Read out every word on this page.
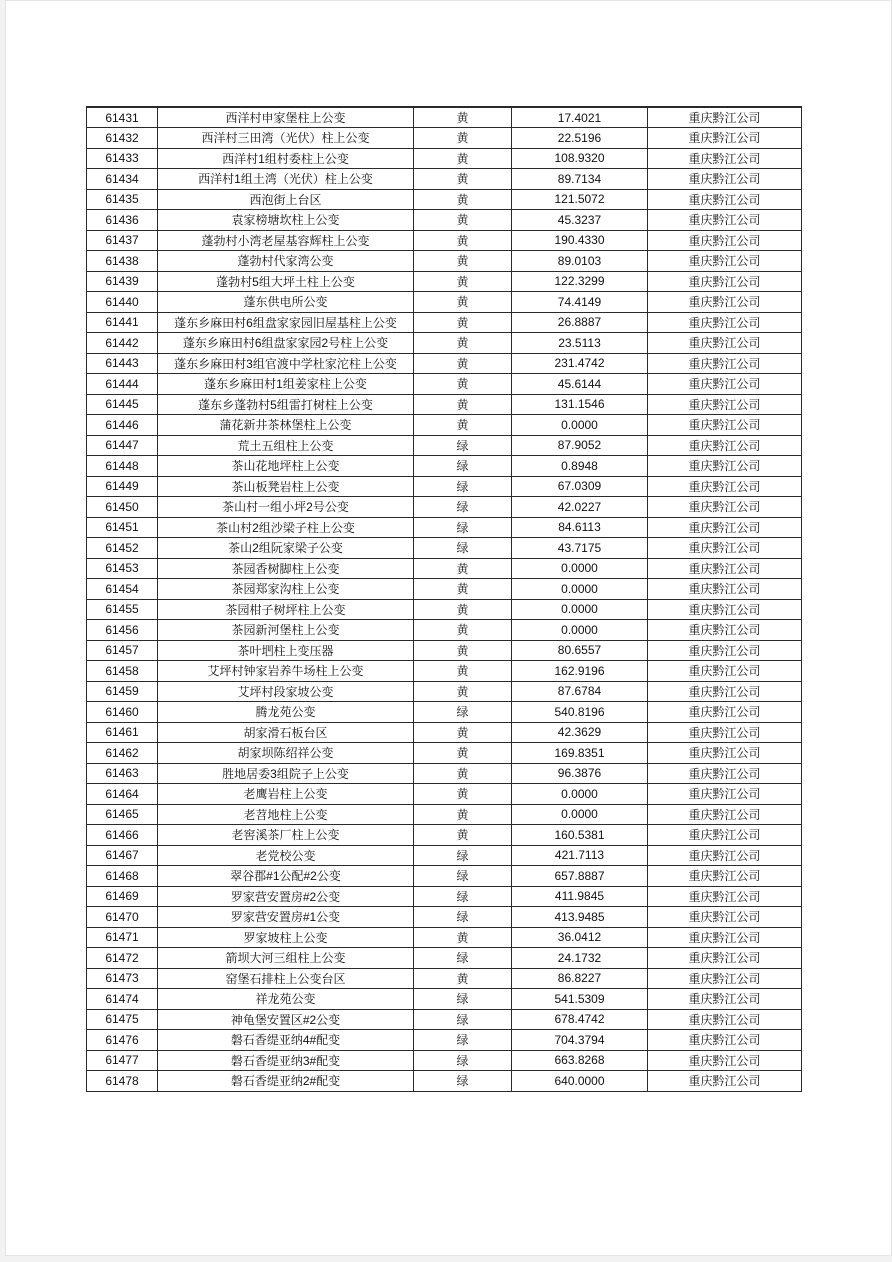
61431	西洋村申家堡柱上公变	黄	17.4021	重庆黔江公司
61432	西洋村三田湾（光伏）柱上公变	黄	22.5196	重庆黔江公司
61433	西洋村1组村委柱上公变	黄	108.9320	重庆黔江公司
61434	西洋村1组土湾（光伏）柱上公变	黄	89.7134	重庆黔江公司
61435	西泡街上台区	黄	121.5072	重庆黔江公司
61436	袁家榜塘坎柱上公变	黄	45.3237	重庆黔江公司
61437	蓬勃村小湾老屋基容辉柱上公变	黄	190.4330	重庆黔江公司
61438	蓬勃村代家湾公变	黄	89.0103	重庆黔江公司
61439	蓬勃村5组大坪土柱上公变	黄	122.3299	重庆黔江公司
61440	蓬东供电所公变	黄	74.4149	重庆黔江公司
61441	蓬东乡麻田村6组盘家家园旧屋基柱上公变	黄	26.8887	重庆黔江公司
61442	蓬东乡麻田村6组盘家家园2号柱上公变	黄	23.5113	重庆黔江公司
61443	蓬东乡麻田村3组官渡中学杜家沱柱上公变	黄	231.4742	重庆黔江公司
61444	蓬东乡麻田村1组姜家柱上公变	黄	45.6144	重庆黔江公司
61445	蓬东乡蓬勃村5组雷打树柱上公变	黄	131.1546	重庆黔江公司
61446	蒲花新井茶林堡柱上公变	黄	0.0000	重庆黔江公司
61447	荒土五组柱上公变	绿	87.9052	重庆黔江公司
61448	茶山花地坪柱上公变	绿	0.8948	重庆黔江公司
61449	茶山板凳岩柱上公变	绿	67.0309	重庆黔江公司
61450	茶山村一组小坪2号公变	绿	42.0227	重庆黔江公司
61451	茶山村2组沙梁子柱上公变	绿	84.6113	重庆黔江公司
61452	茶山2组阮家梁子公变	绿	43.7175	重庆黔江公司
61453	茶园香树脚柱上公变	黄	0.0000	重庆黔江公司
61454	茶园郑家沟柱上公变	黄	0.0000	重庆黔江公司
61455	茶园柑子树坪柱上公变	黄	0.0000	重庆黔江公司
61456	茶园新河堡柱上公变	黄	0.0000	重庆黔江公司
61457	茶叶垇柱上变压器	黄	80.6557	重庆黔江公司
61458	艾坪村钟家岩养牛场柱上公变	黄	162.9196	重庆黔江公司
61459	艾坪村段家坡公变	黄	87.6784	重庆黔江公司
61460	腾龙苑公变	绿	540.8196	重庆黔江公司
61461	胡家滑石板台区	黄	42.3629	重庆黔江公司
61462	胡家坝陈绍祥公变	黄	169.8351	重庆黔江公司
61463	胜地居委3组院子上公变	黄	96.3876	重庆黔江公司
61464	老鹰岩柱上公变	黄	0.0000	重庆黔江公司
61465	老苕地柱上公变	黄	0.0000	重庆黔江公司
61466	老窖溪茶厂柱上公变	黄	160.5381	重庆黔江公司
61467	老党校公变	绿	421.7113	重庆黔江公司
61468	翠谷郡#1公配#2公变	绿	657.8887	重庆黔江公司
61469	罗家营安置房#2公变	绿	411.9845	重庆黔江公司
61470	罗家营安置房#1公变	绿	413.9485	重庆黔江公司
61471	罗家坡柱上公变	黄	36.0412	重庆黔江公司
61472	箭坝大河三组柱上公变	绿	24.1732	重庆黔江公司
61473	窑堡石排柱上公变台区	黄	86.8227	重庆黔江公司
61474	祥龙苑公变	绿	541.5309	重庆黔江公司
61475	神龟堡安置区#2公变	绿	678.4742	重庆黔江公司
61476	磐石香缇亚纳4#配变	绿	704.3794	重庆黔江公司
61477	磐石香缇亚纳3#配变	绿	663.8268	重庆黔江公司
61478	磐石香缇亚纳2#配变	绿	640.0000	重庆黔江公司
